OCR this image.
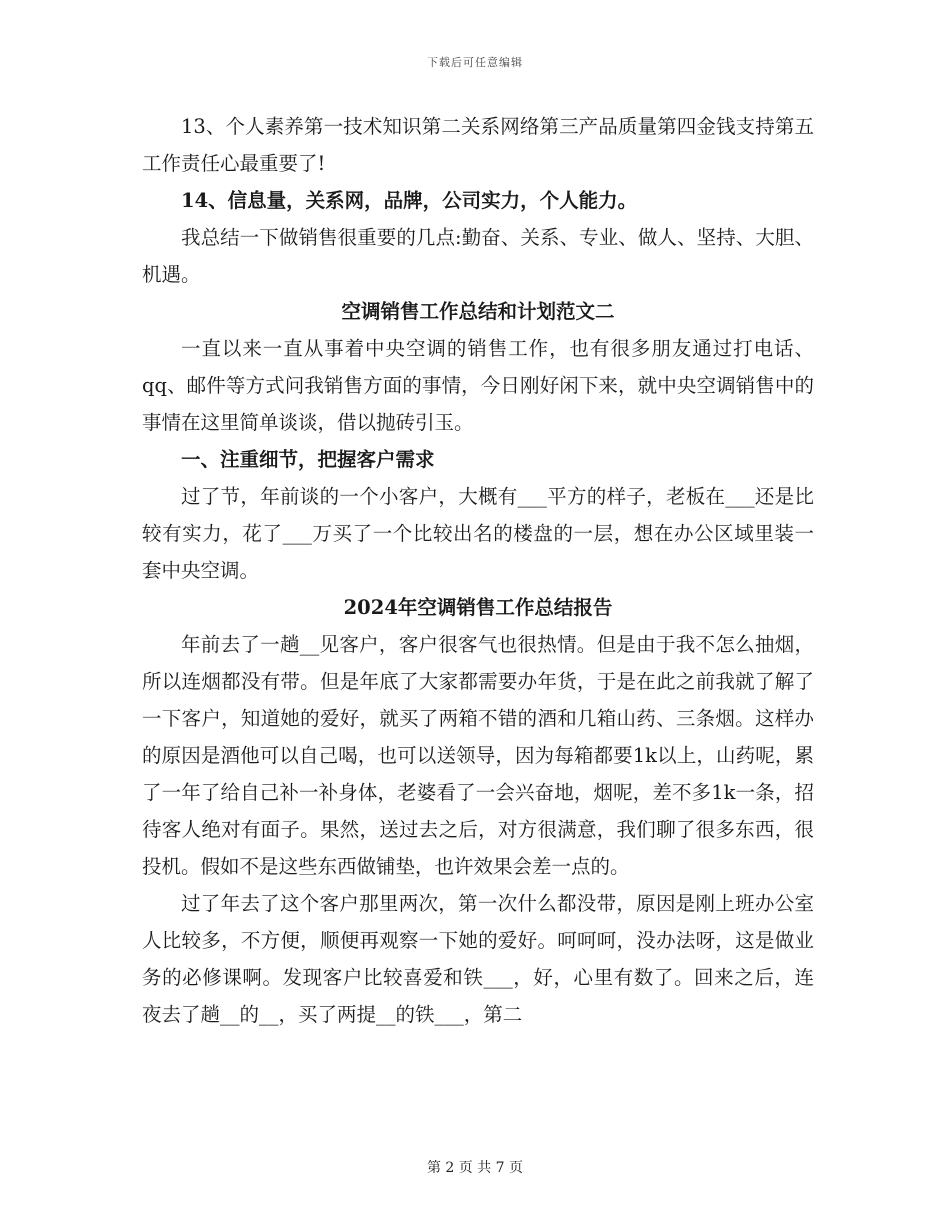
下载后可任意编辑

13、个人素养第一技术知识第二关系网络第三产品质量第四金钱支持第五工作责任心最重要了!

14、信息量，关系网，品牌，公司实力，个人能力。

我总结一下做销售很重要的几点:勤奋、关系、专业、做人、坚持、大胆、机遇。

空调销售工作总结和计划范文二

一直以来一直从事着中央空调的销售工作，也有很多朋友通过打电话、qq、邮件等方式问我销售方面的事情，今日刚好闲下来，就中央空调销售中的事情在这里简单谈谈，借以抛砖引玉。

一、注重细节，把握客户需求

过了节，年前谈的一个小客户，大概有___平方的样子，老板在___还是比较有实力，花了___万买了一个比较出名的楼盘的一层，想在办公区域里装一套中央空调。

2024年空调销售工作总结报告

年前去了一趟__见客户，客户很客气也很热情。但是由于我不怎么抽烟，所以连烟都没有带。但是年底了大家都需要办年货，于是在此之前我就了解了一下客户，知道她的爱好，就买了两箱不错的酒和几箱山药、三条烟。这样办的原因是酒他可以自己喝，也可以送领导，因为每箱都要1k以上，山药呢，累了一年了给自己补一补身体，老婆看了一会兴奋地，烟呢，差不多1k一条，招待客人绝对有面子。果然，送过去之后，对方很满意，我们聊了很多东西，很投机。假如不是这些东西做铺垫，也许效果会差一点的。

过了年去了这个客户那里两次，第一次什么都没带，原因是刚上班办公室人比较多，不方便，顺便再观察一下她的爱好。呵呵呵，没办法呀，这是做业务的必修课啊。发现客户比较喜爱和铁___，好，心里有数了。回来之后，连夜去了趟__的__，买了两提__的铁___，第二

第 2 页 共 7 页
